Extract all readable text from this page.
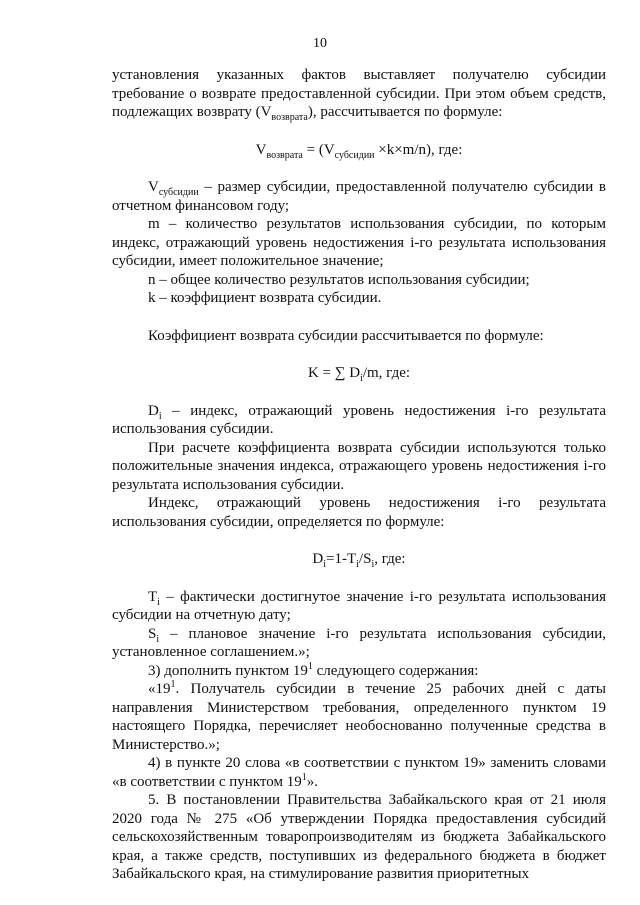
10

установления указанных фактов выставляет получателю субсидии требование о возврате предоставленной субсидии. При этом объем средств, подлежащих возврату $(V_{возврата})$, рассчитывается по формуле:

$V_{возврата} = (V_{субсидии} \times k\times m/n)$, где:

$V_{субсидии}$ – размер субсидии, предоставленной получателю субсидии в отчетном финансовом году;

m – количество результатов использования субсидии, по которым индекс, отражающий уровень недостижения i-го результата использования субсидии, имеет положительное значение;

n – общее количество результатов использования субсидии;

k – коэффициент возврата субсидии.

Коэффициент возврата субсидии рассчитывается по формуле:

K = ∑ $D_i/m$, где:

$D_i$ – индекс, отражающий уровень недостижения i-го результата использования субсидии.

При расчете коэффициента возврата субсидии используются только положительные значения индекса, отражающего уровень недостижения i-го результата использования субсидии.

Индекс, отражающий уровень недостижения i-го результата использования субсидии, определяется по формуле:

$D_i=1-T_i/S_i$, где:

$T_i$ – фактически достигнутое значение i-го результата использования субсидии на отчетную дату;

$S_i$ – плановое значение i-го результата использования субсидии, установленное соглашением.»;

3) дополнить пунктом $19^1$ следующего содержания:

«$19^1$. Получатель субсидии в течение 25 рабочих дней с даты направления Министерством требования, определенного пунктом 19 настоящего Порядка, перечисляет необоснованно полученные средства в Министерство.»;

4) в пункте 20 слова «в соответствии с пунктом 19» заменить словами «в соответствии с пунктом $19^1$».

5. В постановлении Правительства Забайкальского края от 21 июля 2020 года № 275 «Об утверждении Порядка предоставления субсидий сельскохозяйственным товаропроизводителям из бюджета Забайкальского края, а также средств, поступивших из федерального бюджета в бюджет Забайкальского края, на стимулирование развития приоритетных
